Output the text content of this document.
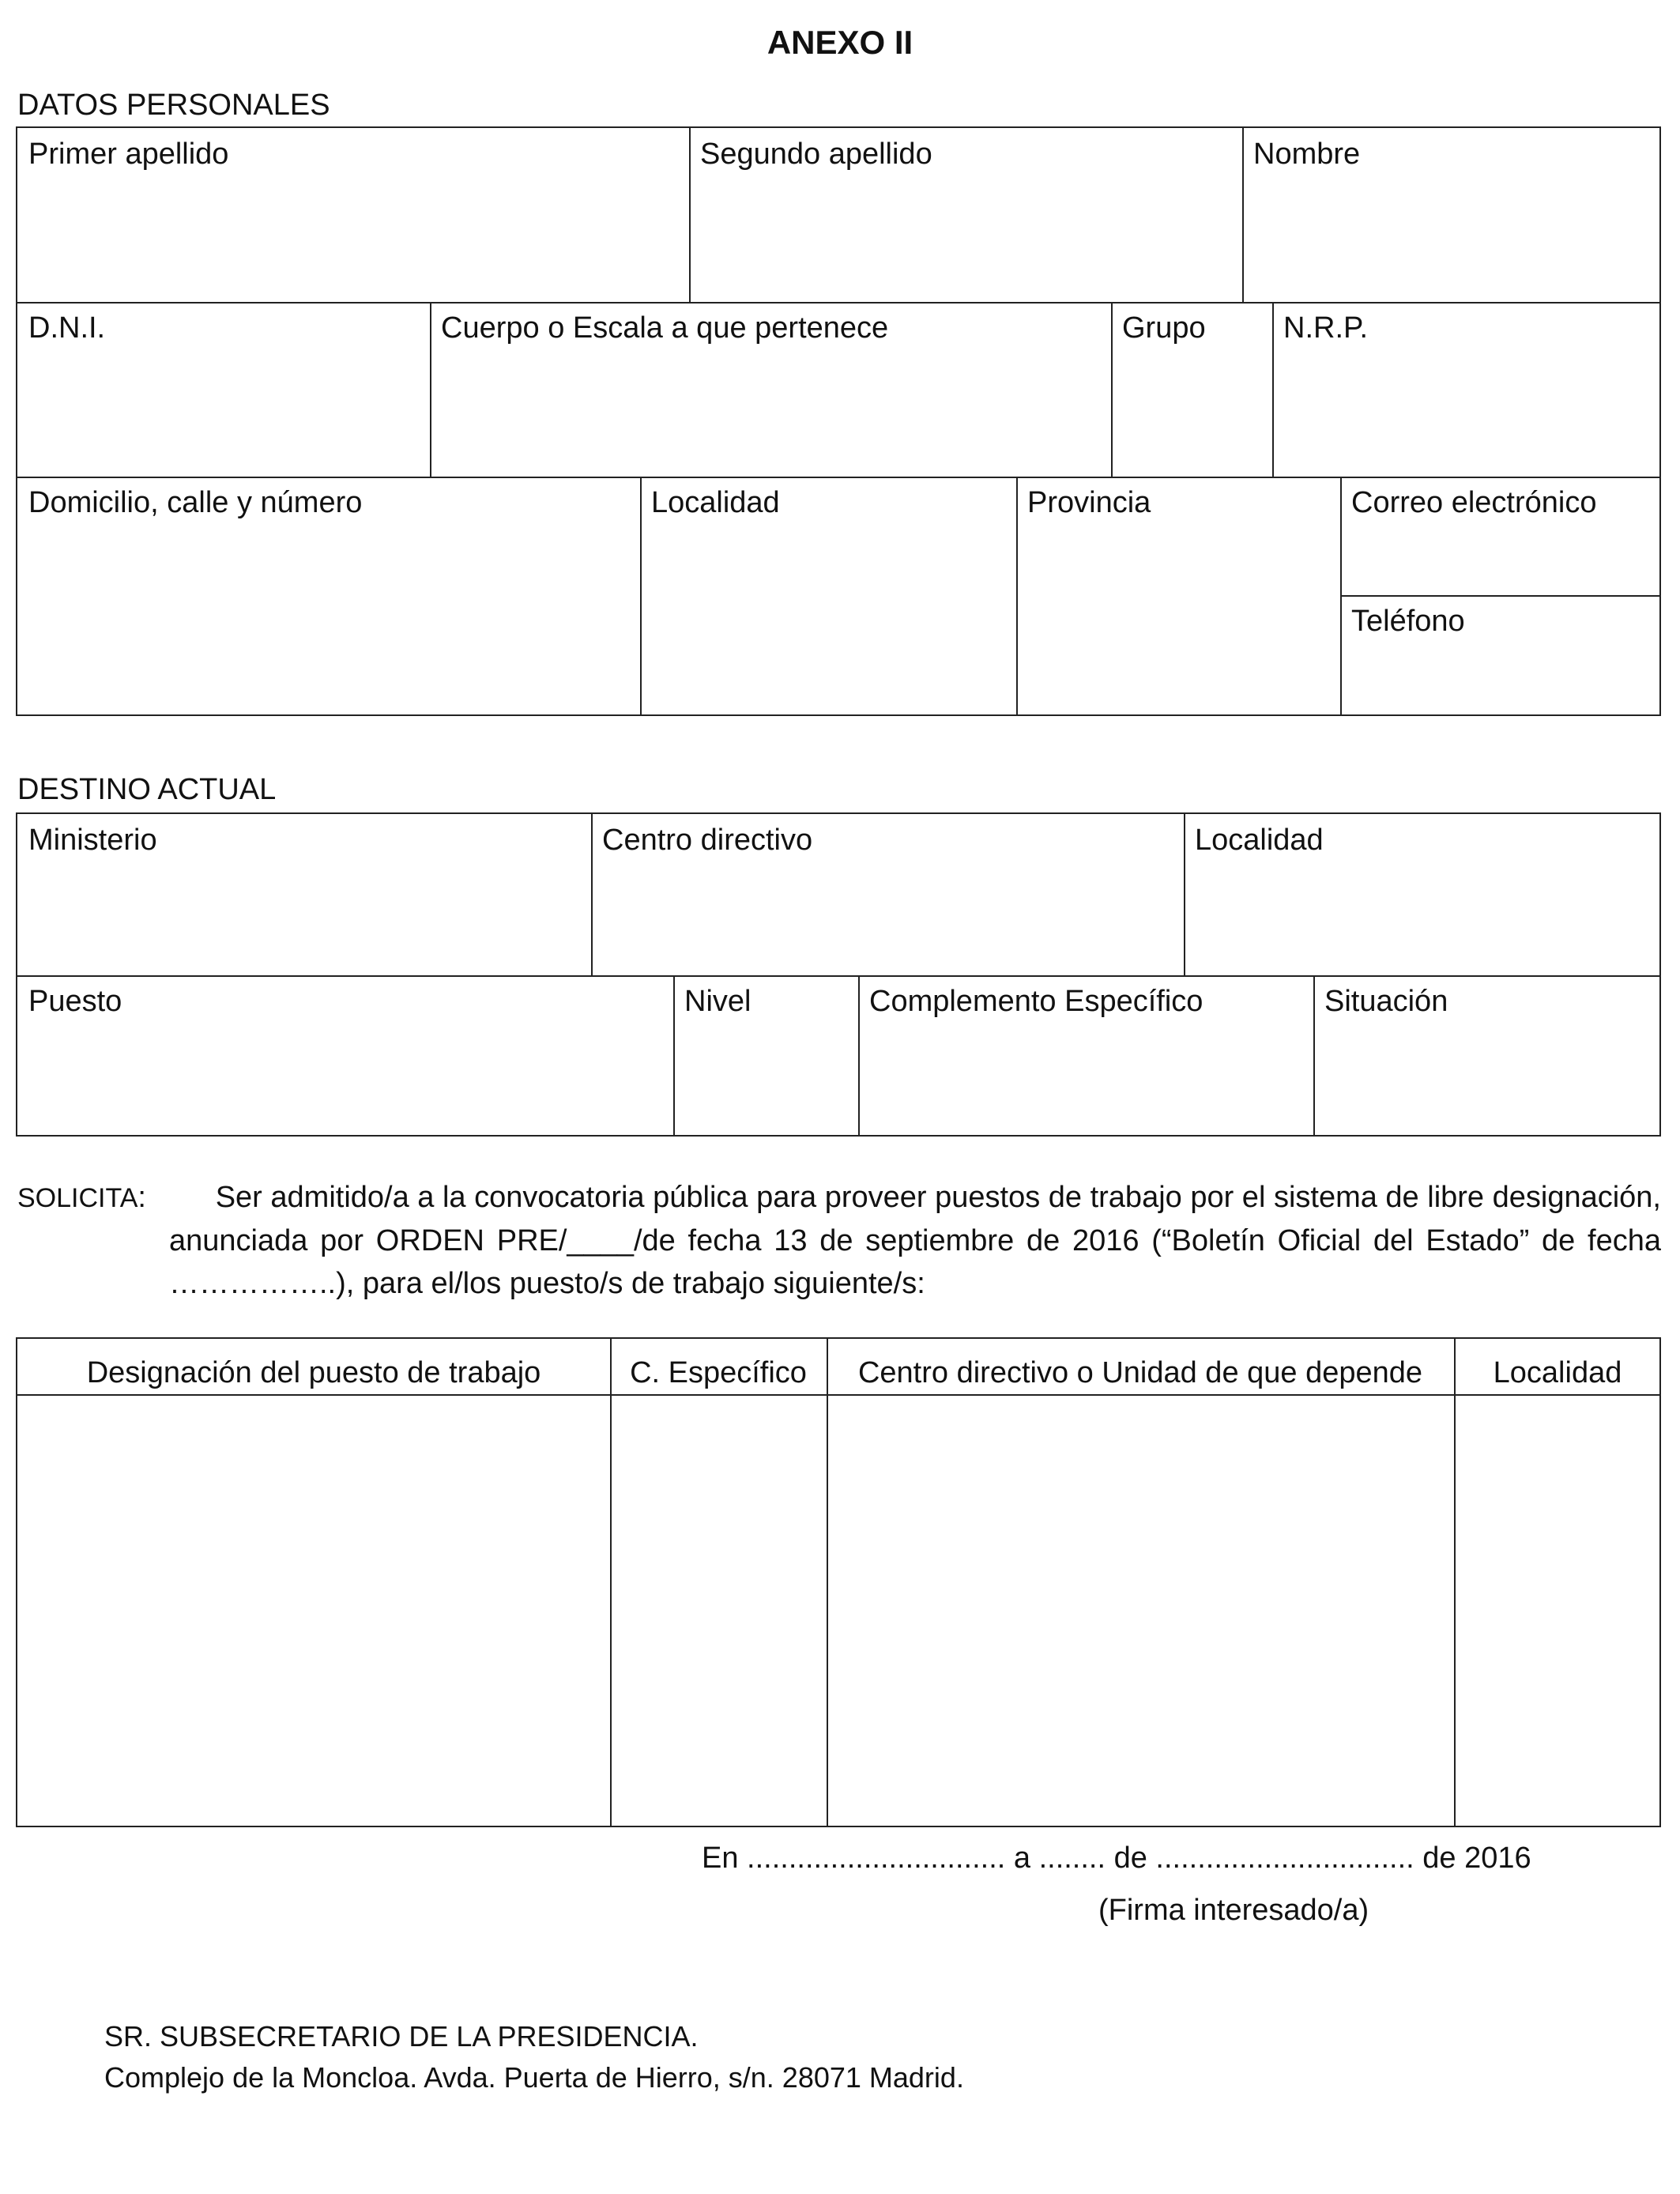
ANEXO II
DATOS PERSONALES
Primer apellido	Segundo apellido	Nombre
D.N.I.	Cuerpo o Escala a que pertenece	Grupo	N.R.P.
Domicilio, calle y número	Localidad	Provincia	Correo electrónico
Teléfono
DESTINO ACTUAL
Ministerio	Centro directivo	Localidad
Puesto	Nivel	Complemento Específico	Situación
SOLICITA: Ser admitido/a a la convocatoria pública para proveer puestos de trabajo por el sistema de libre designación,
anunciada por ORDEN PRE/____/de fecha 13 de septiembre de 2016 (“Boletín Oficial del Estado” de fecha
……………..), para el/los puesto/s de trabajo siguiente/s:
Designación del puesto de trabajo	C. Específico	Centro directivo o Unidad de que depende	Localidad
En ............................... a ........ de ............................... de 2016
(Firma interesado/a)
SR. SUBSECRETARIO DE LA PRESIDENCIA.
Complejo de la Moncloa. Avda. Puerta de Hierro, s/n. 28071 Madrid.
